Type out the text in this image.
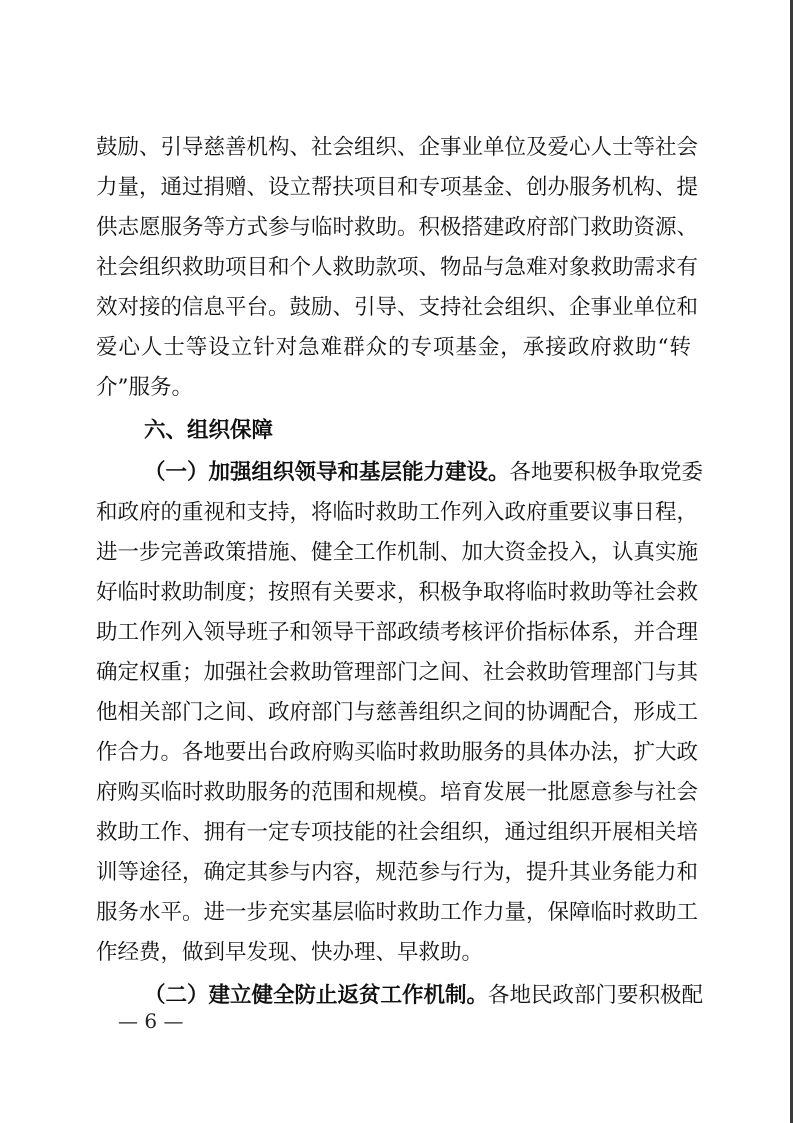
鼓励、引导慈善机构、社会组织、企事业单位及爱心人士等社会
力量，通过捐赠、设立帮扶项目和专项基金、创办服务机构、提
供志愿服务等方式参与临时救助。积极搭建政府部门救助资源、
社会组织救助项目和个人救助款项、物品与急难对象救助需求有
效对接的信息平台。鼓励、引导、支持社会组织、企事业单位和
爱心人士等设立针对急难群众的专项基金，承接政府救助“转
介”服务。
六、组织保障
（一）加强组织领导和基层能力建设。各地要积极争取党委
和政府的重视和支持，将临时救助工作列入政府重要议事日程，
进一步完善政策措施、健全工作机制、加大资金投入，认真实施
好临时救助制度；按照有关要求，积极争取将临时救助等社会救
助工作列入领导班子和领导干部政绩考核评价指标体系，并合理
确定权重；加强社会救助管理部门之间、社会救助管理部门与其
他相关部门之间、政府部门与慈善组织之间的协调配合，形成工
作合力。各地要出台政府购买临时救助服务的具体办法，扩大政
府购买临时救助服务的范围和规模。培育发展一批愿意参与社会
救助工作、拥有一定专项技能的社会组织，通过组织开展相关培
训等途径，确定其参与内容，规范参与行为，提升其业务能力和
服务水平。进一步充实基层临时救助工作力量，保障临时救助工
作经费，做到早发现、快办理、早救助。
（二）建立健全防止返贫工作机制。各地民政部门要积极配
— 6 —
